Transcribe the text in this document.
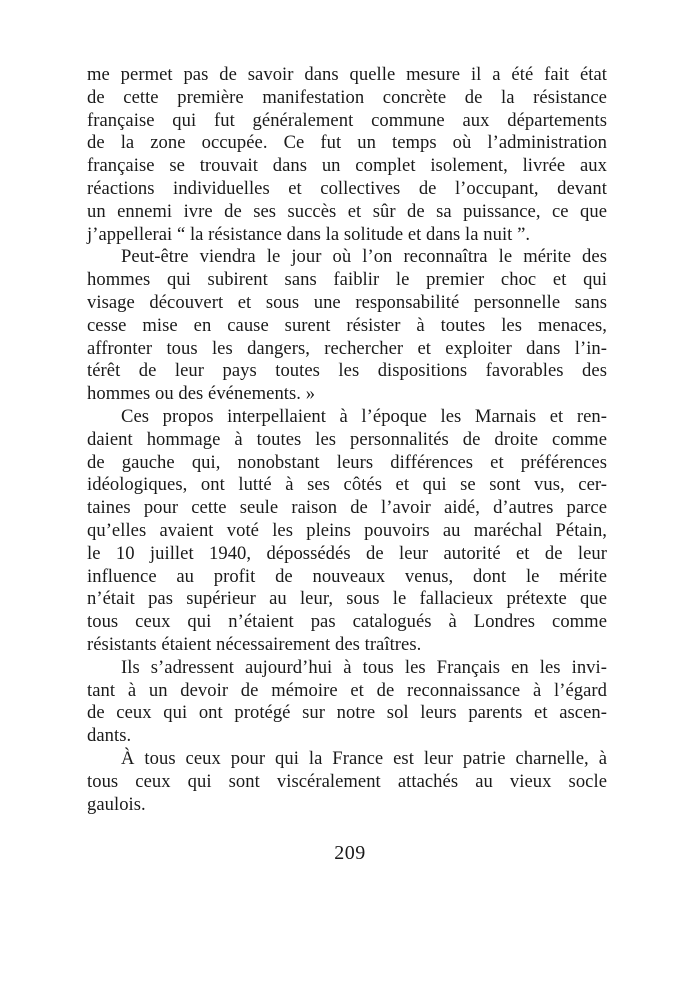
me permet pas de savoir dans quelle mesure il a été fait état
de cette première manifestation concrète de la résistance
française qui fut généralement commune aux départements
de la zone occupée. Ce fut un temps où l’administration
française se trouvait dans un complet isolement, livrée aux
réactions individuelles et collectives de l’occupant, devant
un ennemi ivre de ses succès et sûr de sa puissance, ce que
j’appellerai “ la résistance dans la solitude et dans la nuit ”.
Peut-être viendra le jour où l’on reconnaîtra le mérite des
hommes qui subirent sans faiblir le premier choc et qui
visage découvert et sous une responsabilité personnelle sans
cesse mise en cause surent résister à toutes les menaces,
affronter tous les dangers, rechercher et exploiter dans l’in-
térêt de leur pays toutes les dispositions favorables des
hommes ou des événements. »
Ces propos interpellaient à l’époque les Marnais et ren-
daient hommage à toutes les personnalités de droite comme
de gauche qui, nonobstant leurs différences et préférences
idéologiques, ont lutté à ses côtés et qui se sont vus, cer-
taines pour cette seule raison de l’avoir aidé, d’autres parce
qu’elles avaient voté les pleins pouvoirs au maréchal Pétain,
le 10 juillet 1940, dépossédés de leur autorité et de leur
influence au profit de nouveaux venus, dont le mérite
n’était pas supérieur au leur, sous le fallacieux prétexte que
tous ceux qui n’étaient pas catalogués à Londres comme
résistants étaient nécessairement des traîtres.
Ils s’adressent aujourd’hui à tous les Français en les invi-
tant à un devoir de mémoire et de reconnaissance à l’égard
de ceux qui ont protégé sur notre sol leurs parents et ascen-
dants.
À tous ceux pour qui la France est leur patrie charnelle, à
tous ceux qui sont viscéralement attachés au vieux socle
gaulois.
209
